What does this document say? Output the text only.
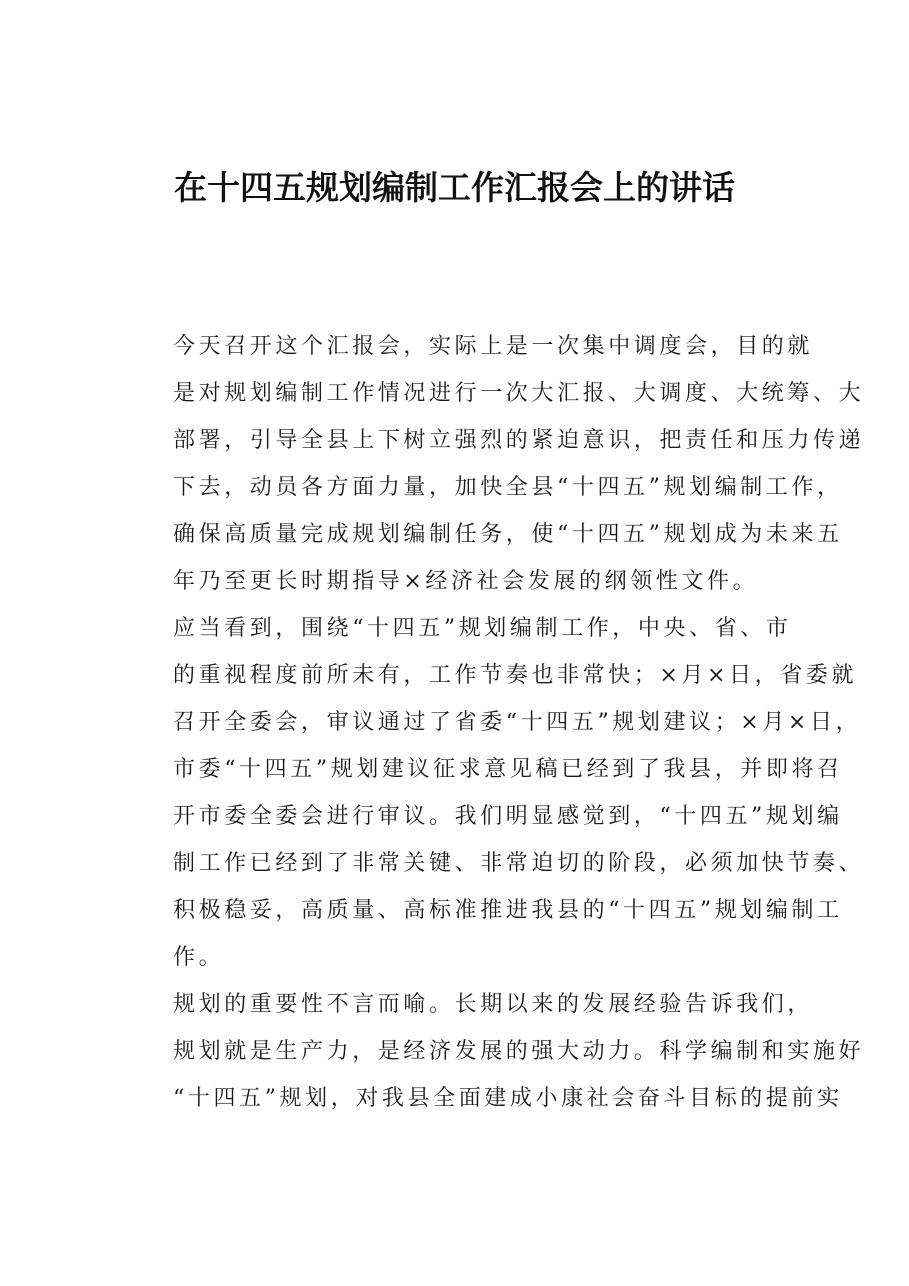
在十四五规划编制工作汇报会上的讲话

今天召开这个汇报会，实际上是一次集中调度会，目的就
是对规划编制工作情况进行一次大汇报、大调度、大统筹、大
部署，引导全县上下树立强烈的紧迫意识，把责任和压力传递
下去，动员各方面力量，加快全县“十四五”规划编制工作，
确保高质量完成规划编制任务，使“十四五”规划成为未来五
年乃至更长时期指导×经济社会发展的纲领性文件。

应当看到，围绕“十四五”规划编制工作，中央、省、市
的重视程度前所未有，工作节奏也非常快；×月×日，省委就
召开全委会，审议通过了省委“十四五”规划建议；×月×日，
市委“十四五”规划建议征求意见稿已经到了我县，并即将召
开市委全委会进行审议。我们明显感觉到，“十四五”规划编
制工作已经到了非常关键、非常迫切的阶段，必须加快节奏、
积极稳妥，高质量、高标准推进我县的“十四五”规划编制工
作。

规划的重要性不言而喻。长期以来的发展经验告诉我们，
规划就是生产力，是经济发展的强大动力。科学编制和实施好
“十四五”规划，对我县全面建成小康社会奋斗目标的提前实
